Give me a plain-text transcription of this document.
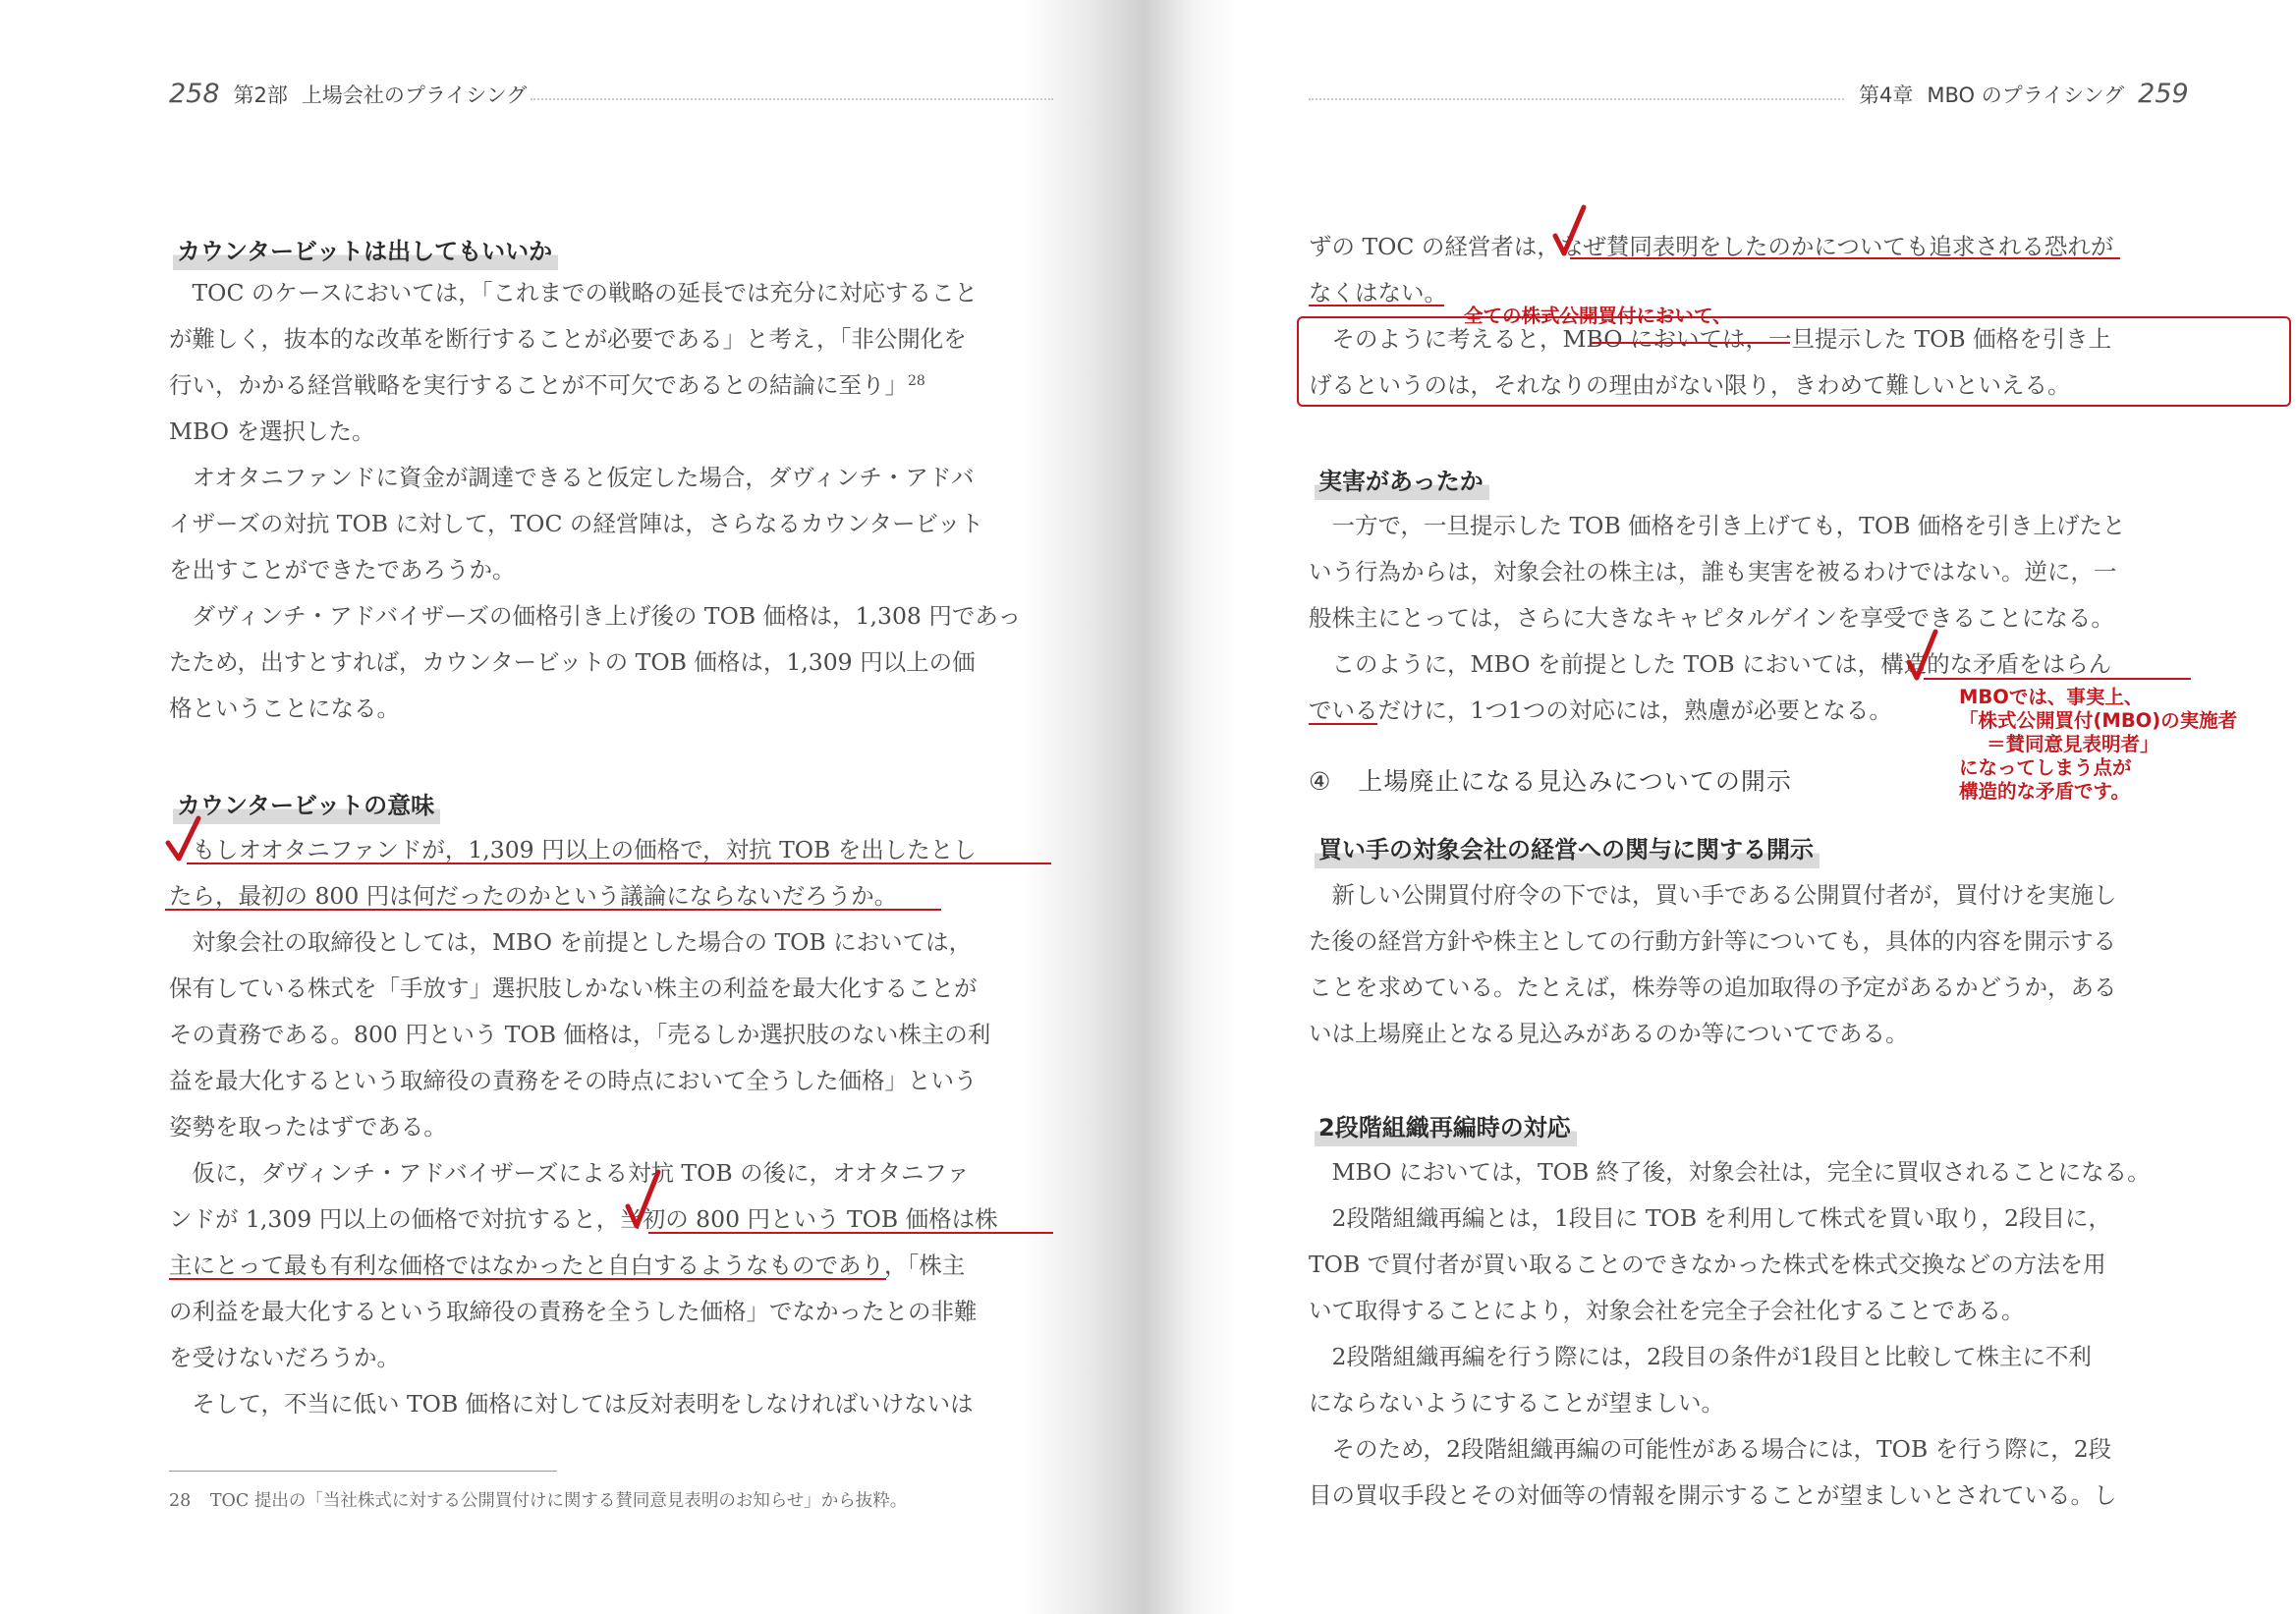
258 第2部 上場会社のプライシング
カウンタービットは出してもいいか

TOC のケースにおいては，「これまでの戦略の延長では充分に対応すること

が難しく，抜本的な改革を断行することが必要である」と考え，「非公開化を
行い，かかる経営戦略を実行することが不可欠であるとの結論に至り」$^{28}$
MBO を選択した。

オオタニファンドに資金が調達できると仮定した場合，ダヴィンチ・アドバ

イザーズの対抗 TOB に対して，TOC の経営陣は，さらなるカウンタービット
を出すことができたであろうか。

ダヴィンチ・アドバイザーズの価格引き上げ後の TOB 価格は，1,308 円であっ

たため，出すとすれば，カウンタービットの TOB 価格は，1,309 円以上の価
格ということになる。

カウンタービットの意味

もしオオタニファンドが，1,309 円以上の価格で，対抗 TOB を出したとし

たら，最初の 800 円は何だったのかという議論にならないだろうか。

対象会社の取締役としては，MBO を前提とした場合の TOB においては，

保有している株式を「手放す」選択肢しかない株主の利益を最大化することが
その責務である。800 円という TOB 価格は，「売るしか選択肢のない株主の利
益を最大化するという取締役の責務をその時点において全うした価格」という
姿勢を取ったはずである。

仮に，ダヴィンチ・アドバイザーズによる対抗 TOB の後に，オオタニファ

ンドが 1,309 円以上の価格で対抗すると，当初の 800 円という TOB 価格は株
主にとって最も有利な価格ではなかったと自白するようなものであり，「株主
の利益を最大化するという取締役の責務を全うした価格」でなかったとの非難
を受けないだろうか。

そして，不当に低い TOB 価格に対しては反対表明をしなければいけないは

28 TOC 提出の「当社株式に対する公開買付けに関する賛同意見表明のお知らせ」から抜粋。
第4章 MBO のプライシング 259

ずの TOC の経営者は，なぜ賛同表明をしたのかについても追求される恐れが
なくはない。

そのように考えると，MBO においては，一旦提示した TOB 価格を引き上

げるというのは，それなりの理由がない限り，きわめて難しいといえる。

全ての株式公開買付において、
実害があったか

一方で，一旦提示した TOB 価格を引き上げても，TOB 価格を引き上げたと

いう行為からは，対象会社の株主は，誰も実害を被るわけではない。逆に，一
般株主にとっては，さらに大きなキャピタルゲインを享受できることになる。

このように，MBO を前提とした TOB においては，構造的な矛盾をはらん

でいるだけに，1つ1つの対応には，熟慮が必要となる。	MBOでは、事実上、
「株式公開買付(MBO)の実施者
＝賛同意見表明者」
になってしまう点が
構造的な矛盾です。
④ 上場廃止になる見込みについての開示
買い手の対象会社の経営への関与に関する開示

新しい公開買付府令の下では，買い手である公開買付者が，買付けを実施し

た後の経営方針や株主としての行動方針等についても，具体的内容を開示する
ことを求めている。たとえば，株券等の追加取得の予定があるかどうか，ある
いは上場廃止となる見込みがあるのか等についてである。

2段階組織再編時の対応

MBO においては，TOB 終了後，対象会社は，完全に買収されることになる。

2段階組織再編とは，1段目に TOB を利用して株式を買い取り，2段目に，

TOB で買付者が買い取ることのできなかった株式を株式交換などの方法を用
いて取得することにより，対象会社を完全子会社化することである。

2段階組織再編を行う際には，2段目の条件が1段目と比較して株主に不利

にならないようにすることが望ましい。

そのため，2段階組織再編の可能性がある場合には，TOB を行う際に，2段

目の買収手段とその対価等の情報を開示することが望ましいとされている。し
